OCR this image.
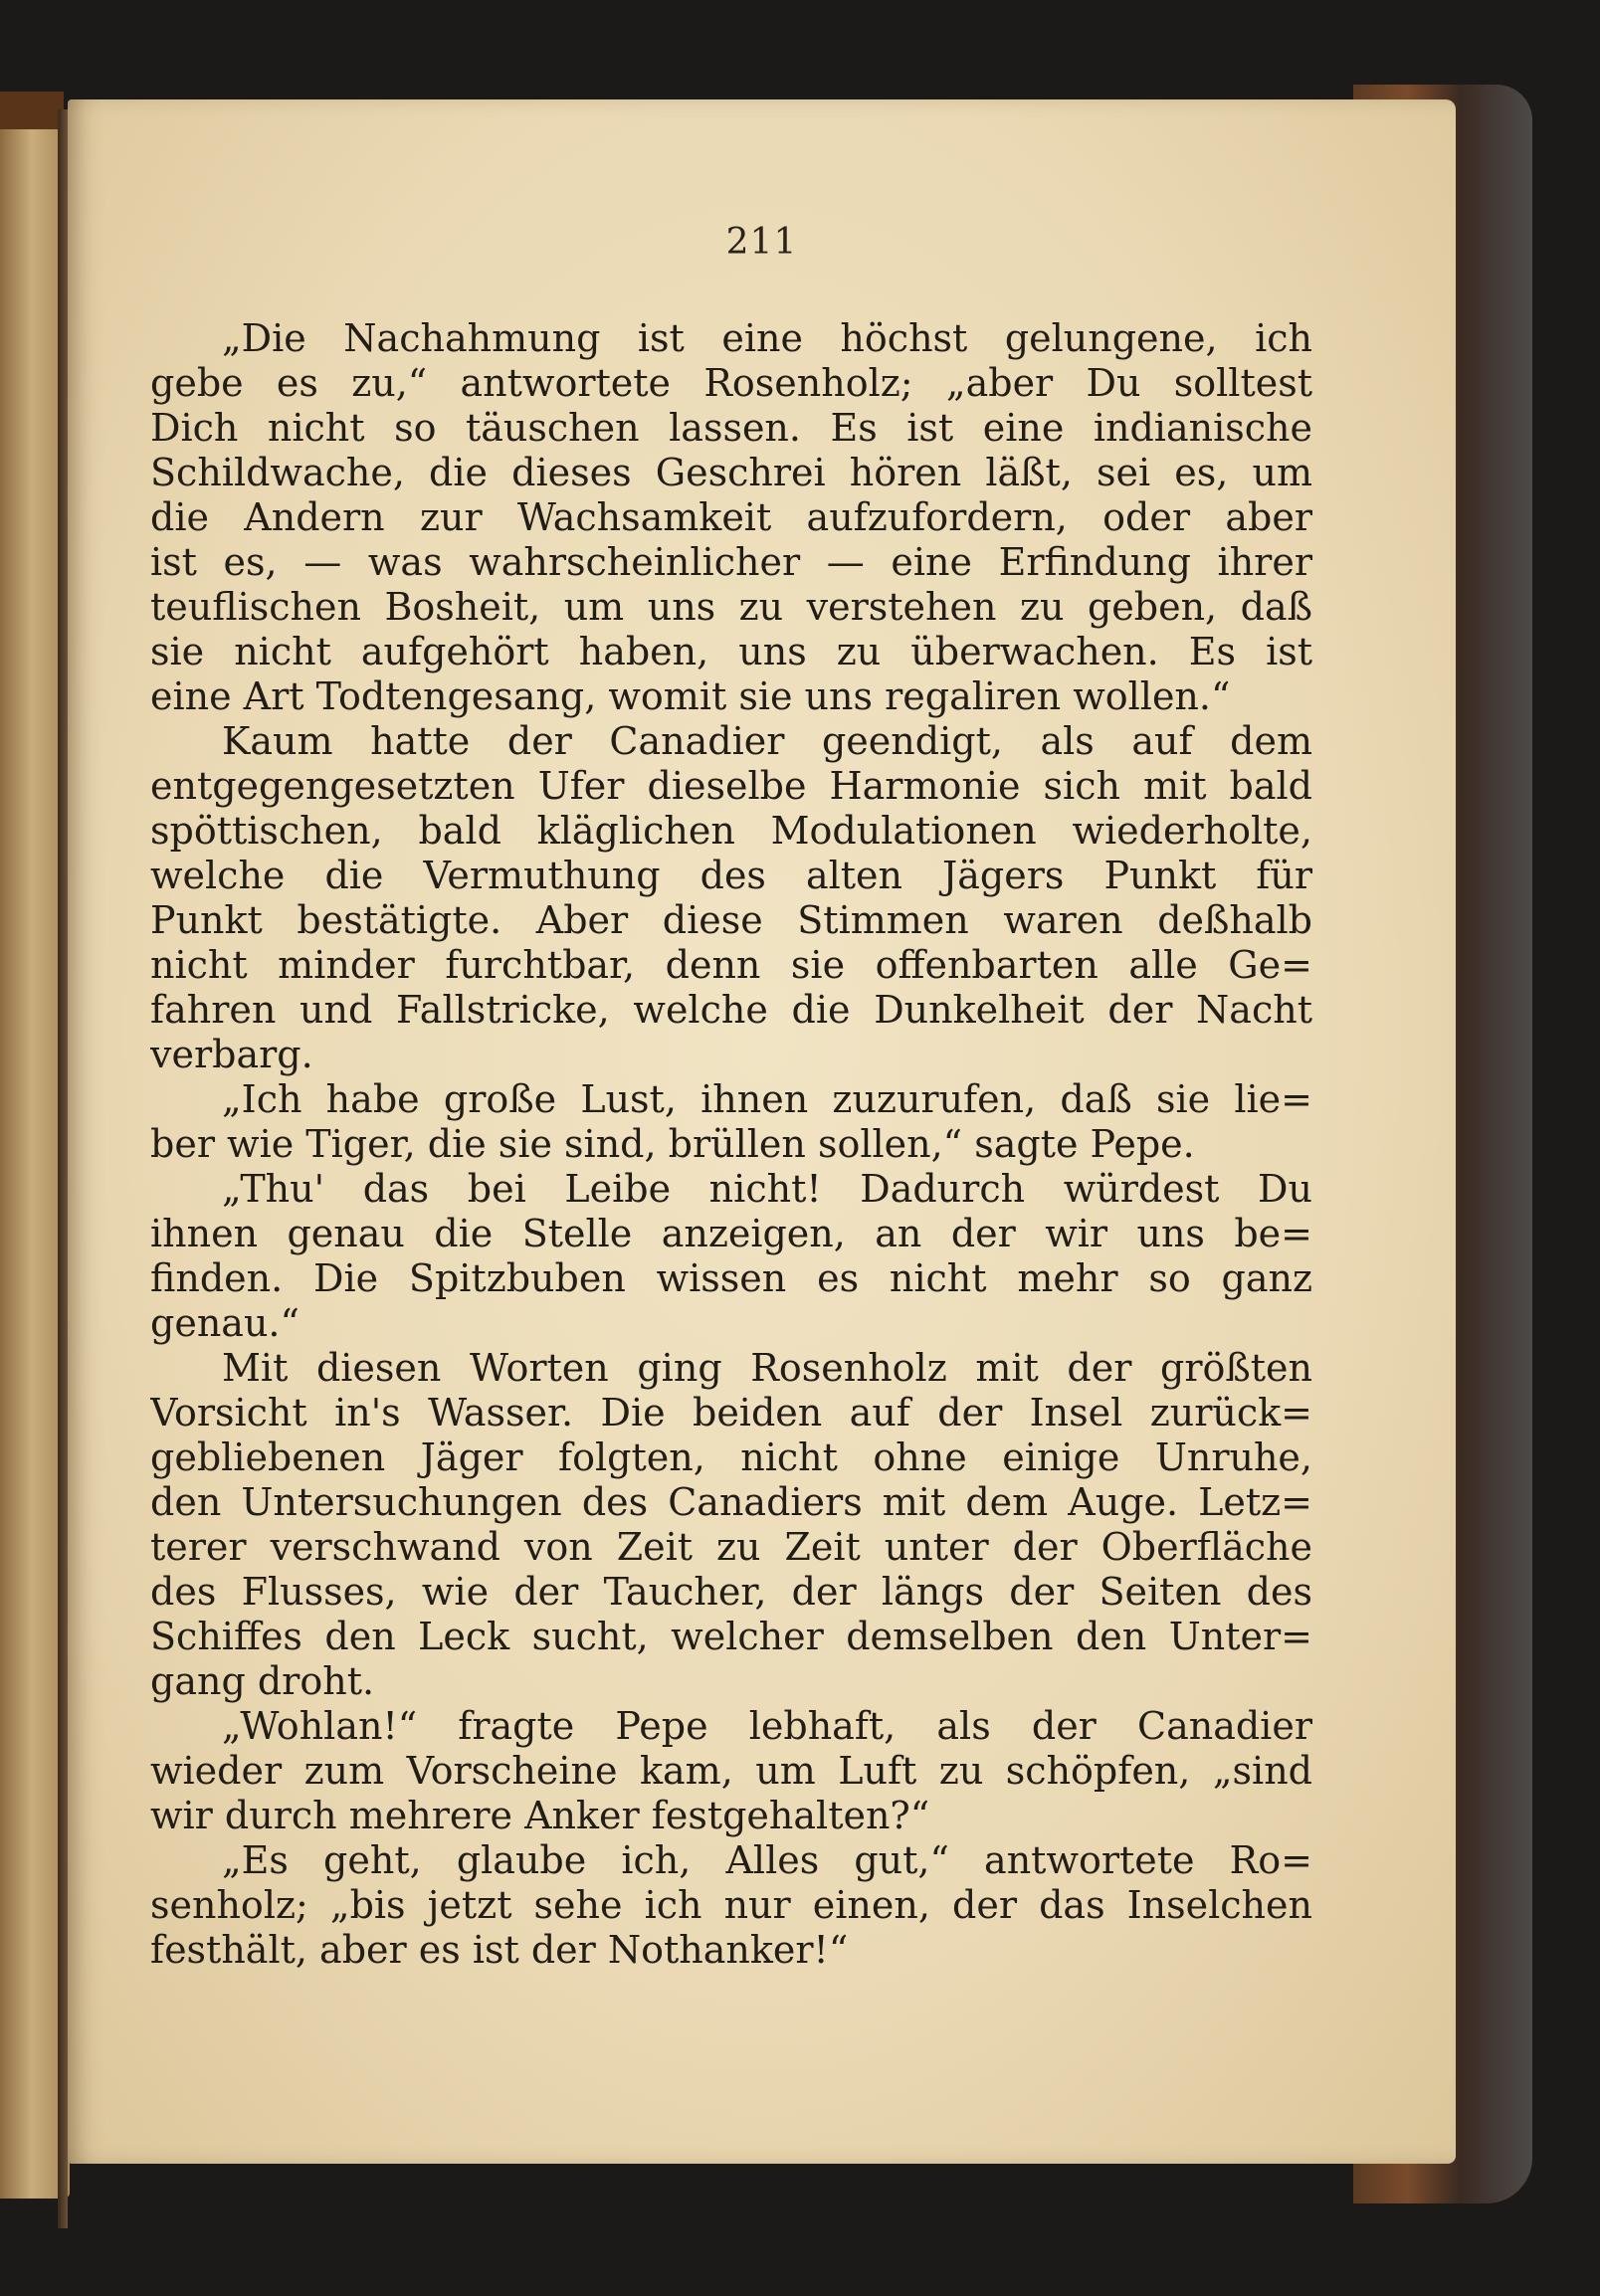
211
„Die Nachahmung ist eine höchst gelungene, ich
gebe es zu,“ antwortete Rosenholz; „aber Du solltest
Dich nicht so täuschen lassen. Es ist eine indianische
Schildwache, die dieses Geschrei hören läßt, sei es, um
die Andern zur Wachsamkeit aufzufordern, oder aber
ist es, — was wahrscheinlicher — eine Erfindung ihrer
teuflischen Bosheit, um uns zu verstehen zu geben, daß
sie nicht aufgehört haben, uns zu überwachen. Es ist
eine Art Todtengesang, womit sie uns regaliren wollen.“
Kaum hatte der Canadier geendigt, als auf dem
entgegengesetzten Ufer dieselbe Harmonie sich mit bald
spöttischen, bald kläglichen Modulationen wiederholte,
welche die Vermuthung des alten Jägers Punkt für
Punkt bestätigte. Aber diese Stimmen waren deßhalb
nicht minder furchtbar, denn sie offenbarten alle Ge=
fahren und Fallstricke, welche die Dunkelheit der Nacht
verbarg.
„Ich habe große Lust, ihnen zuzurufen, daß sie lie=
ber wie Tiger, die sie sind, brüllen sollen,“ sagte Pepe.
„Thu' das bei Leibe nicht! Dadurch würdest Du
ihnen genau die Stelle anzeigen, an der wir uns be=
finden. Die Spitzbuben wissen es nicht mehr so ganz
genau.“
Mit diesen Worten ging Rosenholz mit der größten
Vorsicht in's Wasser. Die beiden auf der Insel zurück=
gebliebenen Jäger folgten, nicht ohne einige Unruhe,
den Untersuchungen des Canadiers mit dem Auge. Letz=
terer verschwand von Zeit zu Zeit unter der Oberfläche
des Flusses, wie der Taucher, der längs der Seiten des
Schiffes den Leck sucht, welcher demselben den Unter=
gang droht.
„Wohlan!“ fragte Pepe lebhaft, als der Canadier
wieder zum Vorscheine kam, um Luft zu schöpfen, „sind
wir durch mehrere Anker festgehalten?“
„Es geht, glaube ich, Alles gut,“ antwortete Ro=
senholz; „bis jetzt sehe ich nur einen, der das Inselchen
festhält, aber es ist der Nothanker!“
